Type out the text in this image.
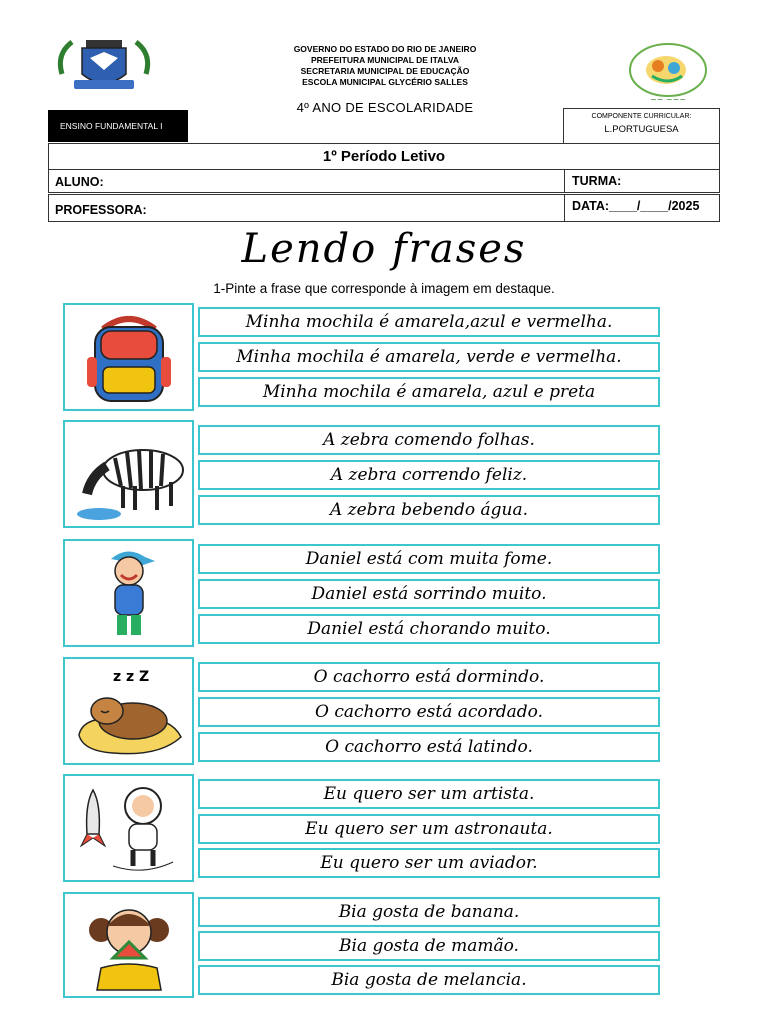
GOVERNO DO ESTADO DO RIO DE JANEIRO
PREFEITURA MUNICIPAL DE ITALVA
SECRETARIA MUNICIPAL DE EDUCAÇÃO
ESCOLA MUNICIPAL GLYCÉRIO SALLES
4º ANO DE ESCOLARIDADE
~~ ~~~
ENSINO FUNDAMENTAL I
COMPONENTE CURRICULAR:
L.PORTUGUESA
1º Período Letivo
ALUNO:	TURMA:
PROFESSORA:	DATA:____/____/2025
Lendo frases
1-Pinte a frase que corresponde à imagem em destaque.
Minha mochila é amarela,azul e vermelha.
Minha mochila é amarela, verde e vermelha.
Minha mochila é amarela, azul e preta
A zebra comendo folhas.
A zebra correndo feliz.
A zebra bebendo água.
Daniel está com muita fome.
Daniel está sorrindo muito.
Daniel está chorando muito.
z z Z	O cachorro está dormindo.
O cachorro está acordado.
O cachorro está latindo.
Eu quero ser um artista.
Eu quero ser um astronauta.
Eu quero ser um aviador.
Bia gosta de banana.
Bia gosta de mamão.
Bia gosta de melancia.
